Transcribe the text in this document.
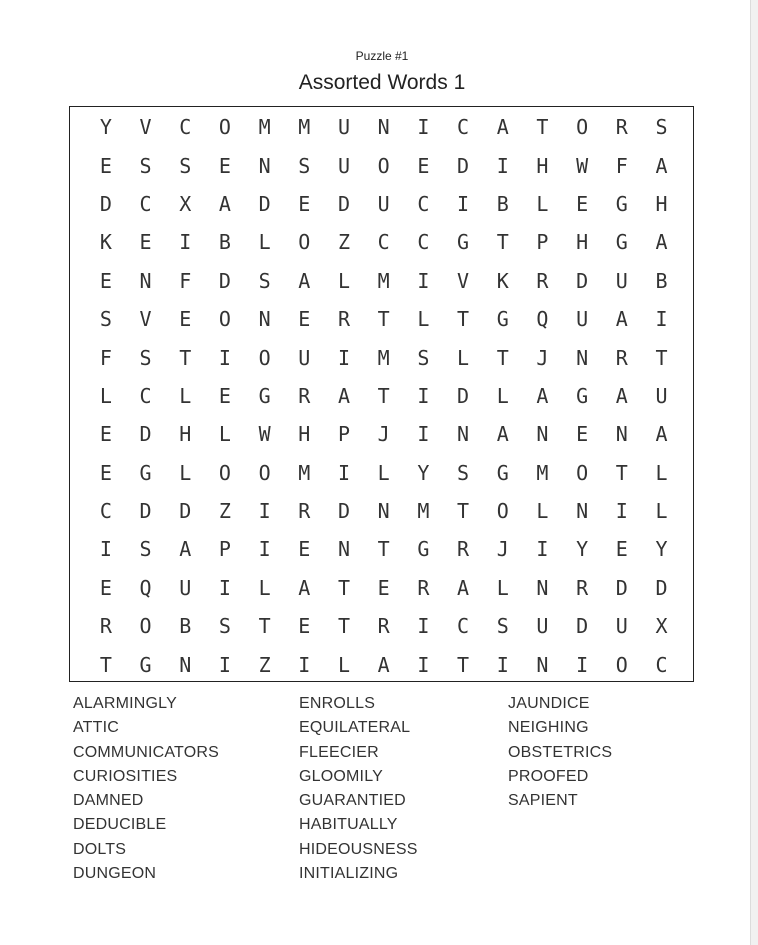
Puzzle #1
Assorted Words 1
Y	V	C	O	M	M	U	N	I	C	A	T	O	R	S
E	S	S	E	N	S	U	O	E	D	I	H	W	F	A
D	C	X	A	D	E	D	U	C	I	B	L	E	G	H
K	E	I	B	L	O	Z	C	C	G	T	P	H	G	A
E	N	F	D	S	A	L	M	I	V	K	R	D	U	B
S	V	E	O	N	E	R	T	L	T	G	Q	U	A	I
F	S	T	I	O	U	I	M	S	L	T	J	N	R	T
L	C	L	E	G	R	A	T	I	D	L	A	G	A	U
E	D	H	L	W	H	P	J	I	N	A	N	E	N	A
E	G	L	O	O	M	I	L	Y	S	G	M	O	T	L
C	D	D	Z	I	R	D	N	M	T	O	L	N	I	L
I	S	A	P	I	E	N	T	G	R	J	I	Y	E	Y
E	Q	U	I	L	A	T	E	R	A	L	N	R	D	D
R	O	B	S	T	E	T	R	I	C	S	U	D	U	X
T	G	N	I	Z	I	L	A	I	T	I	N	I	O	C
ALARMINGLY
ATTIC
COMMUNICATORS
CURIOSITIES
DAMNED
DEDUCIBLE
DOLTS
DUNGEON
ENROLLS
EQUILATERAL
FLEECIER
GLOOMILY
GUARANTIED
HABITUALLY
HIDEOUSNESS
INITIALIZING
JAUNDICE
NEIGHING
OBSTETRICS
PROOFED
SAPIENT
